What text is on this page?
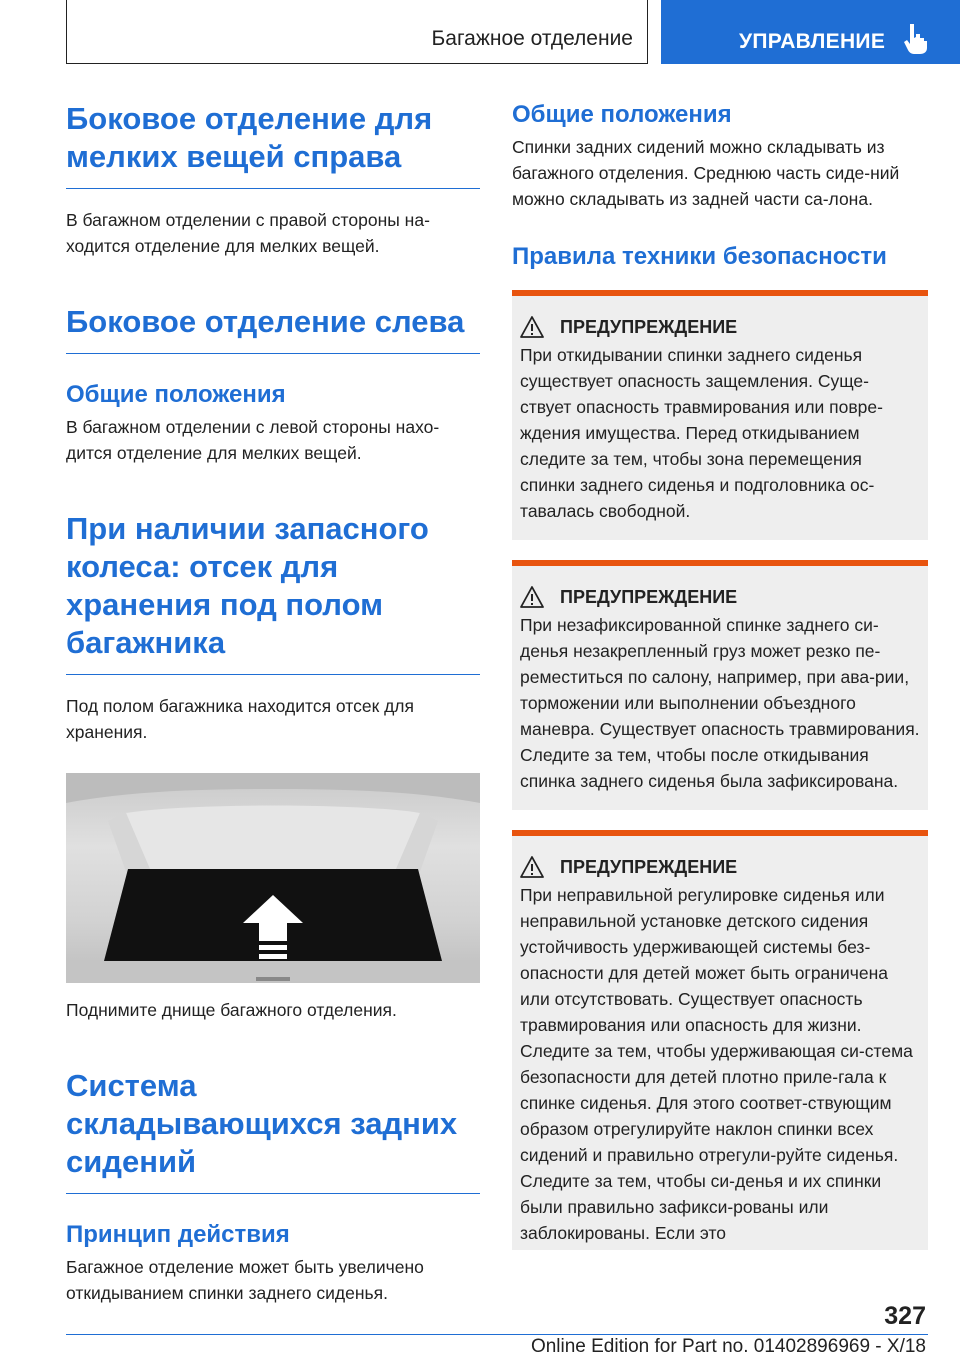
Багажное отделение	УПРАВЛЕНИЕ
Боковое отделение для мелких вещей справа

В багажном отделении с правой стороны на-ходится отделение для мелких вещей.

Боковое отделение слева
Общие положения

В багажном отделении с левой стороны нахо-дится отделение для мелких вещей.

При наличии запасного колеса: отсек для хранения под полом багажника

Под полом багажника находится отсек для хранения.

Поднимите днище багажного отделения.

Система складывающихся задних сидений
Принцип действия

Багажное отделение может быть увеличено откидыванием спинки заднего сиденья.

Общие положения

Спинки задних сидений можно складывать из багажного отделения. Среднюю часть сиде-ний можно складывать из задней части са-лона.

Правила техники безопасности
ПРЕДУПРЕЖДЕНИЕ

При откидывании спинки заднего сиденья существует опасность защемления. Суще-ствует опасность травмирования или повре-ждения имущества. Перед откидыванием следите за тем, чтобы зона перемещения спинки заднего сиденья и подголовника ос-тавалась свободной.

ПРЕДУПРЕЖДЕНИЕ

При незафиксированной спинке заднего си-денья незакрепленный груз может резко пе-реместиться по салону, например, при ава-рии, торможении или выполнении объездного маневра. Существует опасность травмирования. Следите за тем, чтобы после откидывания спинка заднего сиденья была зафиксирована.

ПРЕДУПРЕЖДЕНИЕ

При неправильной регулировке сиденья или неправильной установке детского сидения устойчивость удерживающей системы без-опасности для детей может быть ограничена или отсутствовать. Существует опасность травмирования или опасность для жизни. Следите за тем, чтобы удерживающая си-стема безопасности для детей плотно приле-гала к спинке сиденья. Для этого соответ-ствующим образом отрегулируйте наклон спинки всех сидений и правильно отрегули-руйте сиденья. Следите за тем, чтобы си-денья и их спинки были правильно зафикси-рованы или заблокированы. Если это

327
Online Edition for Part no. 01402896969 - X/18
